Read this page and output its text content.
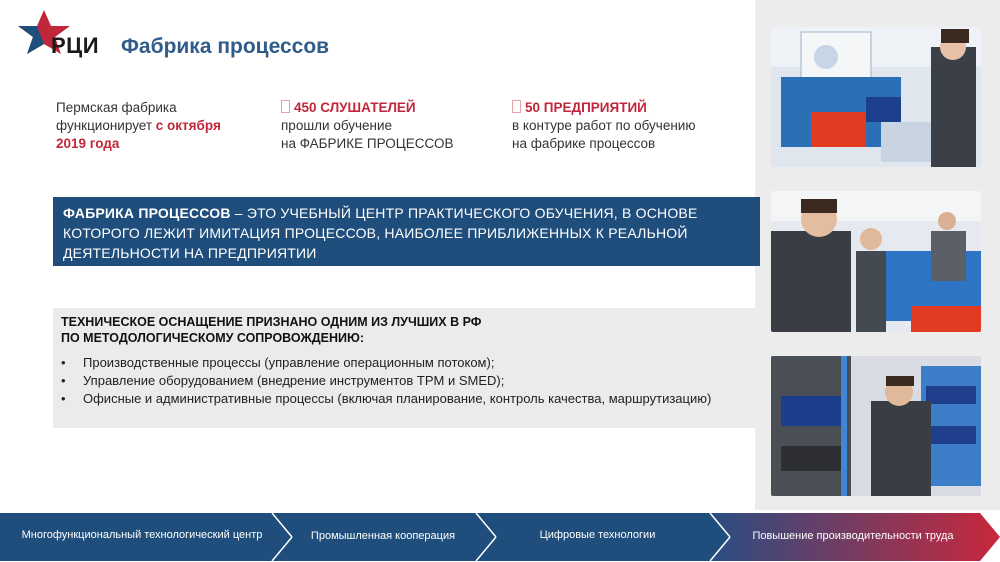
РЦИ Фабрика процессов
Пермская фабрика
функционирует с октября
2019 года
450 СЛУШАТЕЛЕЙ
прошли обучение
на ФАБРИКЕ ПРОЦЕССОВ
50 ПРЕДПРИЯТИЙ
в контуре работ по обучению
на фабрике процессов
ФАБРИКА ПРОЦЕССОВ – ЭТО УЧЕБНЫЙ ЦЕНТР ПРАКТИЧЕСКОГО ОБУЧЕНИЯ, В ОСНОВЕ КОТОРОГО ЛЕЖИТ ИМИТАЦИЯ ПРОЦЕССОВ, НАИБОЛЕЕ ПРИБЛИЖЕННЫХ К РЕАЛЬНОЙ ДЕЯТЕЛЬНОСТИ НА ПРЕДПРИЯТИИ
ТЕХНИЧЕСКОЕ ОСНАЩЕНИЕ ПРИЗНАНО ОДНИМ ИЗ ЛУЧШИХ В РФ
ПО МЕТОДОЛОГИЧЕСКОМУ СОПРОВОЖДЕНИЮ:
• Производственные процессы (управление операционным потоком);
• Управление оборудованием (внедрение инструментов TPM и SMED);
• Офисные и административные процессы (включая планирование, контроль качества, маршрутизацию)
Многофункциональный технологический центр	Промышленная кооперация	Цифровые технологии	Повышение производительности труда
